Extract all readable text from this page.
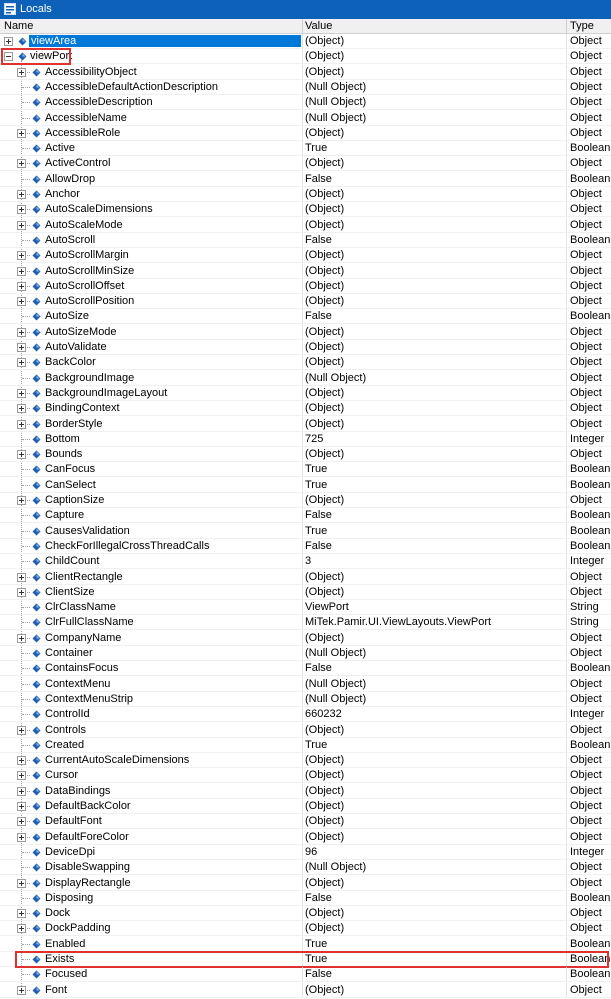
Locals
Name	Value	Type
viewArea	(Object)	Object
viewPort	(Object)	Object
AccessibilityObject	(Object)	Object
AccessibleDefaultActionDescription	(Null Object)	Object
AccessibleDescription	(Null Object)	Object
AccessibleName	(Null Object)	Object
AccessibleRole	(Object)	Object
Active	True	Boolean
ActiveControl	(Object)	Object
AllowDrop	False	Boolean
Anchor	(Object)	Object
AutoScaleDimensions	(Object)	Object
AutoScaleMode	(Object)	Object
AutoScroll	False	Boolean
AutoScrollMargin	(Object)	Object
AutoScrollMinSize	(Object)	Object
AutoScrollOffset	(Object)	Object
AutoScrollPosition	(Object)	Object
AutoSize	False	Boolean
AutoSizeMode	(Object)	Object
AutoValidate	(Object)	Object
BackColor	(Object)	Object
BackgroundImage	(Null Object)	Object
BackgroundImageLayout	(Object)	Object
BindingContext	(Object)	Object
BorderStyle	(Object)	Object
Bottom	725	Integer
Bounds	(Object)	Object
CanFocus	True	Boolean
CanSelect	True	Boolean
CaptionSize	(Object)	Object
Capture	False	Boolean
CausesValidation	True	Boolean
CheckForIllegalCrossThreadCalls	False	Boolean
ChildCount	3	Integer
ClientRectangle	(Object)	Object
ClientSize	(Object)	Object
ClrClassName	ViewPort	String
ClrFullClassName	MiTek.Pamir.UI.ViewLayouts.ViewPort	String
CompanyName	(Object)	Object
Container	(Null Object)	Object
ContainsFocus	False	Boolean
ContextMenu	(Null Object)	Object
ContextMenuStrip	(Null Object)	Object
ControlId	660232	Integer
Controls	(Object)	Object
Created	True	Boolean
CurrentAutoScaleDimensions	(Object)	Object
Cursor	(Object)	Object
DataBindings	(Object)	Object
DefaultBackColor	(Object)	Object
DefaultFont	(Object)	Object
DefaultForeColor	(Object)	Object
DeviceDpi	96	Integer
DisableSwapping	(Null Object)	Object
DisplayRectangle	(Object)	Object
Disposing	False	Boolean
Dock	(Object)	Object
DockPadding	(Object)	Object
Enabled	True	Boolean
Exists	True	Boolean
Focused	False	Boolean
Font	(Object)	Object
